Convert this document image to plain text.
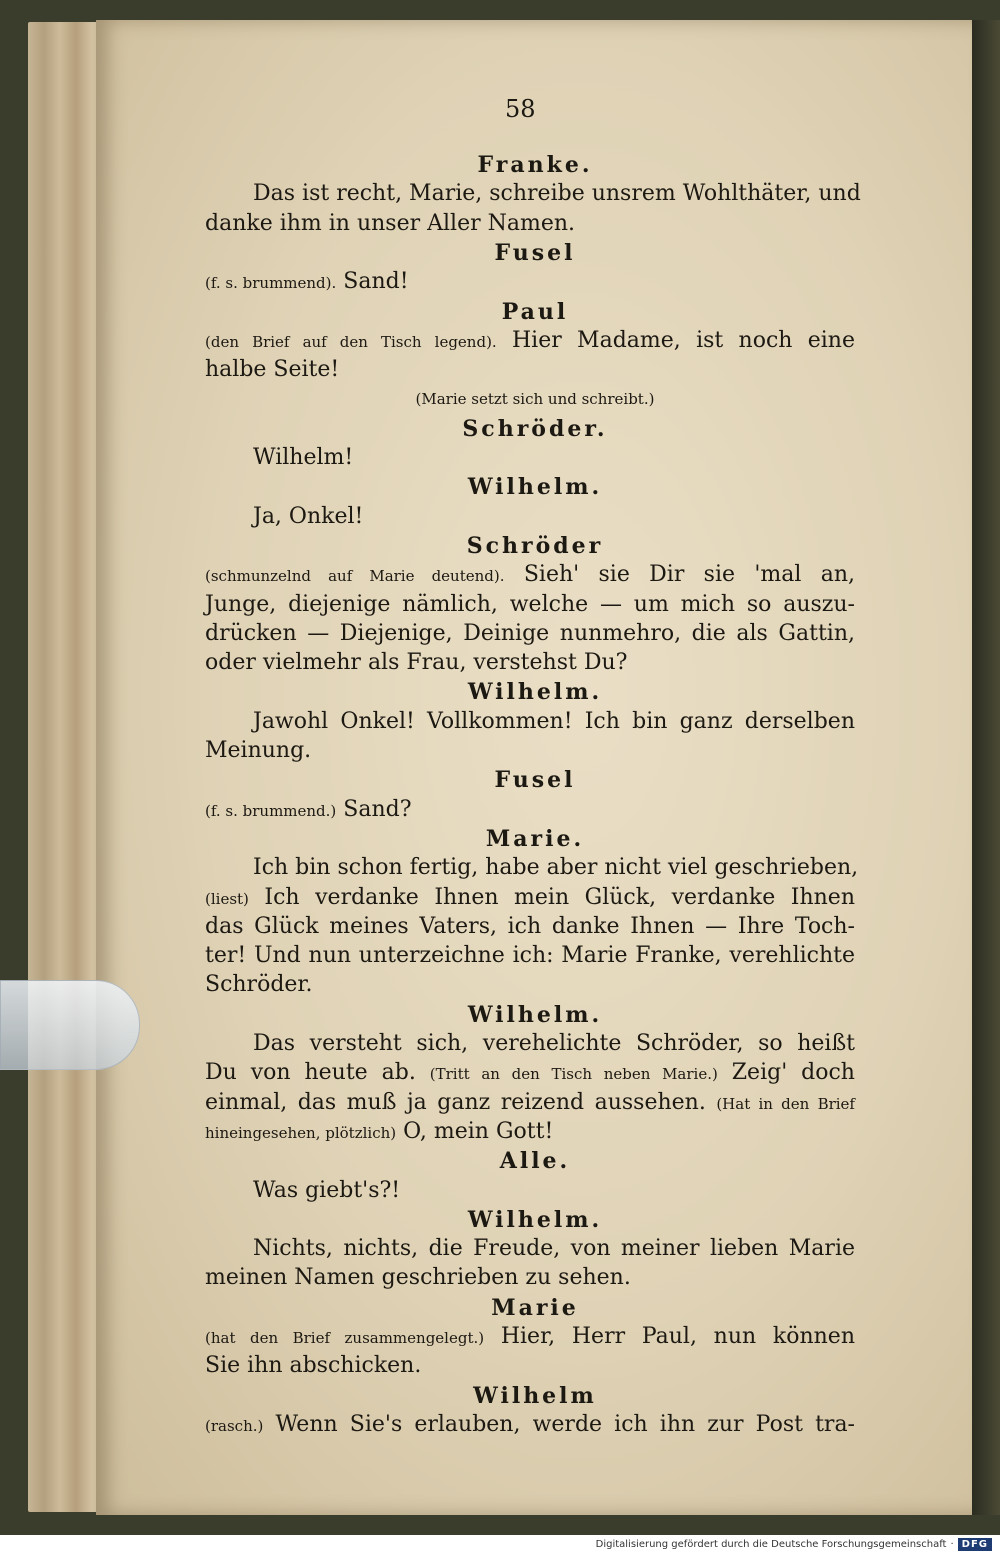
58
Franke.
Das ist recht, Marie, schreibe unsrem Wohlthäter, und
danke ihm in unser Aller Namen.
Fusel
(f. s. brummend). Sand!
Paul
(den Brief auf den Tisch legend). Hier Madame, ist noch eine
halbe Seite!
(Marie setzt sich und schreibt.)
Schröder.
Wilhelm!
Wilhelm.
Ja, Onkel!
Schröder
(schmunzelnd auf Marie deutend). Sieh' sie Dir sie 'mal an,
Junge, diejenige nämlich, welche — um mich so auszu-
drücken — Diejenige, Deinige nunmehro, die als Gattin,
oder vielmehr als Frau, verstehst Du?
Wilhelm.
Jawohl Onkel! Vollkommen! Ich bin ganz derselben
Meinung.
Fusel
(f. s. brummend.) Sand?
Marie.
Ich bin schon fertig, habe aber nicht viel geschrieben,
(liest) Ich verdanke Ihnen mein Glück, verdanke Ihnen
das Glück meines Vaters, ich danke Ihnen — Ihre Toch-
ter! Und nun unterzeichne ich: Marie Franke, verehlichte
Schröder.
Wilhelm.
Das versteht sich, verehelichte Schröder, so heißt
Du von heute ab. (Tritt an den Tisch neben Marie.) Zeig' doch
einmal, das muß ja ganz reizend aussehen. (Hat in den Brief
hineingesehen, plötzlich) O, mein Gott!
Alle.
Was giebt's?!
Wilhelm.
Nichts, nichts, die Freude, von meiner lieben Marie
meinen Namen geschrieben zu sehen.
Marie
(hat den Brief zusammengelegt.) Hier, Herr Paul, nun können
Sie ihn abschicken.
Wilhelm
(rasch.) Wenn Sie's erlauben, werde ich ihn zur Post tra-
Digitalisierung gefördert durch die Deutsche Forschungsgemeinschaft · DFG
